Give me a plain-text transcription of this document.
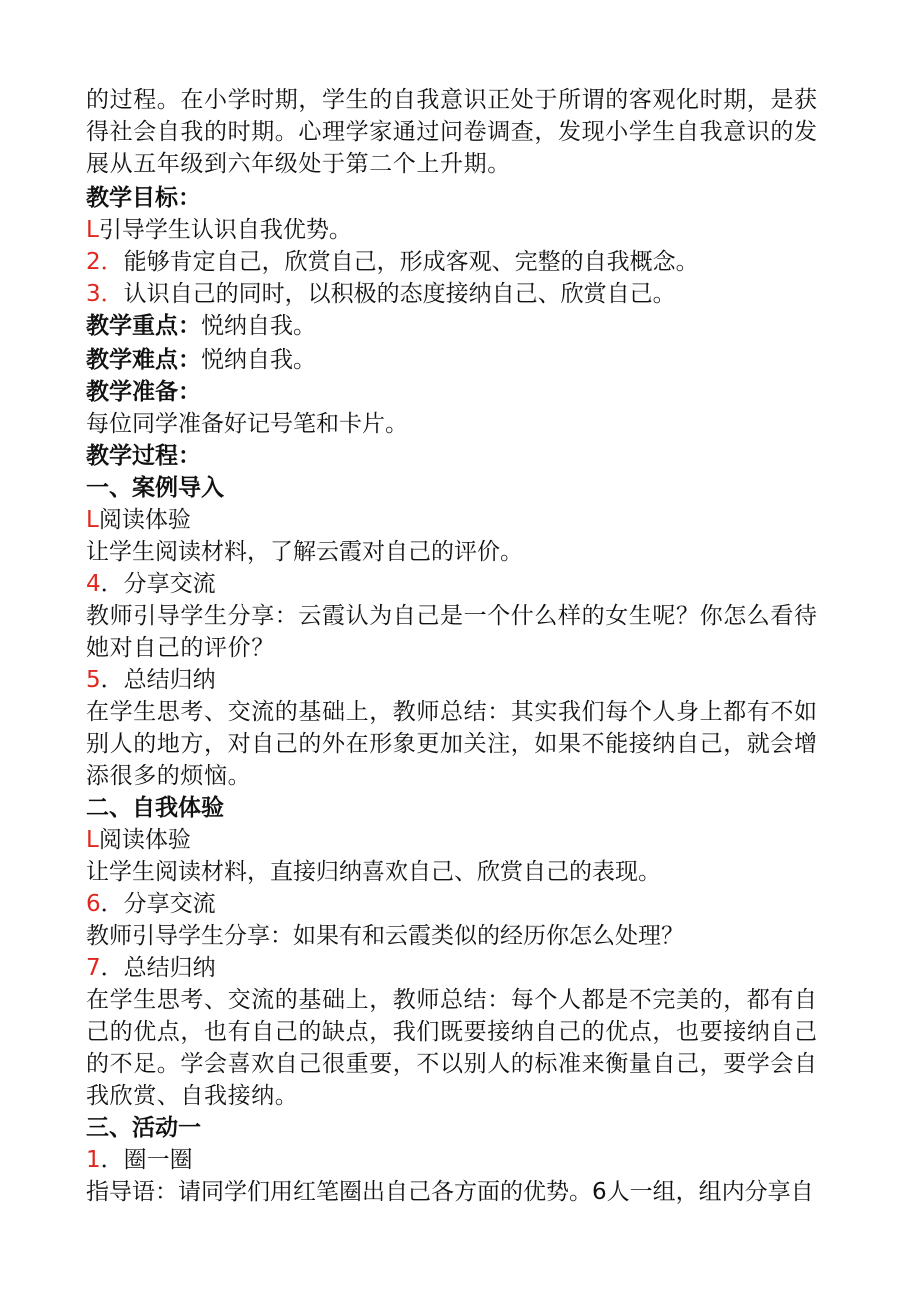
的过程。在小学时期，学生的自我意识正处于所谓的客观化时期，是获得社会自我的时期。心理学家通过问卷调查，发现小学生自我意识的发展从五年级到六年级处于第二个上升期。

教学目标：

L引导学生认识自我优势。

2．能够肯定自己，欣赏自己，形成客观、完整的自我概念。

3．认识自己的同时，以积极的态度接纳自己、欣赏自己。

教学重点：悦纳自我。

教学难点：悦纳自我。

教学准备：

每位同学准备好记号笔和卡片。

教学过程：

一、案例导入

L阅读体验

让学生阅读材料，了解云霞对自己的评价。

4．分享交流

教师引导学生分享：云霞认为自己是一个什么样的女生呢？你怎么看待她对自己的评价？

5．总结归纳

在学生思考、交流的基础上，教师总结：其实我们每个人身上都有不如别人的地方，对自己的外在形象更加关注，如果不能接纳自己，就会增添很多的烦恼。

二、自我体验

L阅读体验

让学生阅读材料，直接归纳喜欢自己、欣赏自己的表现。

6．分享交流

教师引导学生分享：如果有和云霞类似的经历你怎么处理？

7．总结归纳

在学生思考、交流的基础上，教师总结：每个人都是不完美的，都有自己的优点，也有自己的缺点，我们既要接纳自己的优点，也要接纳自己的不足。学会喜欢自己很重要，不以别人的标准来衡量自己，要学会自我欣赏、自我接纳。

三、活动一

1．圈一圈

指导语：请同学们用红笔圈出自己各方面的优势。6人一组，组内分享自
